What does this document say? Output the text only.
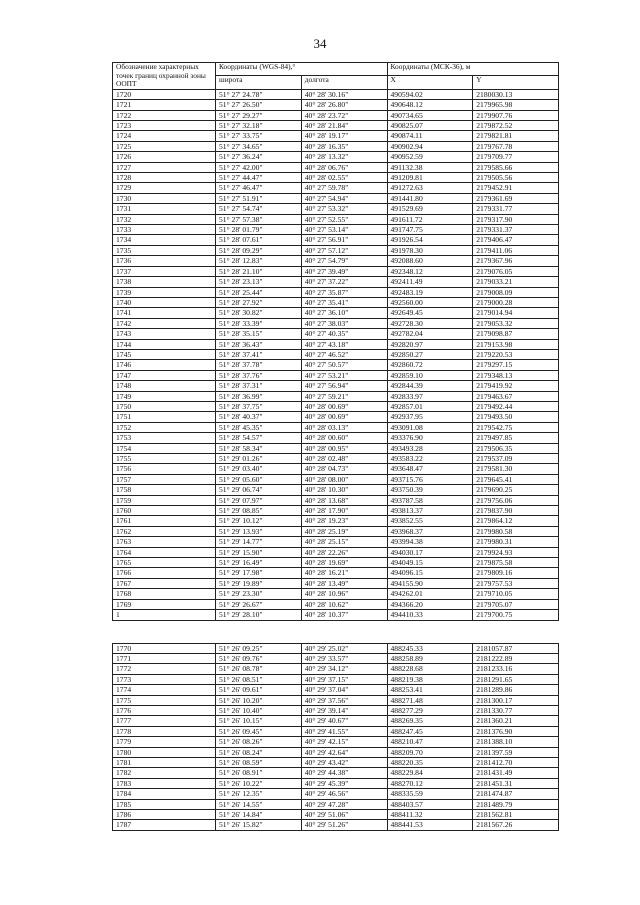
34
Обозначение характерных точек границ охранной зоны ООПТ	Координаты (WGS-84),°		Координаты (МСК-36), м	
	широта	долгота	X	Y
1720	51° 27' 24.78"	40° 28' 30.16"	490594.02	2180030.13
1721	51° 27' 26.50"	40° 28' 26.80"	490648.12	2179965.98
1722	51° 27' 29.27"	40° 28' 23.72"	490734.65	2179907.76
1723	51° 27' 32.18"	40° 28' 21.84"	490825.07	2179872.52
1724	51° 27' 33.75"	40° 28' 19.17"	490874.11	2179821.81
1725	51° 27' 34.65"	40° 28' 16.35"	490902.94	2179767.78
1726	51° 27' 36.24"	40° 28' 13.32"	490952.59	2179709.77
1727	51° 27' 42.00"	40° 28' 06.76"	491132.38	2179585.66
1728	51° 27' 44.47"	40° 28' 02.55"	491209.81	2179505.56
1729	51° 27' 46.47"	40° 27' 59.78"	491272.63	2179452.91
1730	51° 27' 51.91"	40° 27' 54.94"	491441.80	2179361.69
1731	51° 27' 54.74"	40° 27' 53.32"	491529.69	2179331.77
1732	51° 27' 57.38"	40° 27' 52.55"	491611.72	2179317.90
1733	51° 28' 01.79"	40° 27' 53.14"	491747.75	2179331.37
1734	51° 28' 07.61"	40° 27' 56.91"	491926.54	2179406.47
1735	51° 28' 09.29"	40° 27' 57.12"	491978.30	2179411.06
1736	51° 28' 12.83"	40° 27' 54.79"	492088.60	2179367.96
1737	51° 28' 21.10"	40° 27' 39.49"	492348.12	2179076.05
1738	51° 28' 23.13"	40° 27' 37.22"	492411.49	2179033.21
1739	51° 28' 25.44"	40° 27' 35.87"	492483.19	2179008.09
1740	51° 28' 27.92"	40° 27' 35.41"	492560.00	2179000.28
1741	51° 28' 30.82"	40° 27' 36.10"	492649.45	2179014.94
1742	51° 28' 33.39"	40° 27' 38.03"	492728.30	2179053.32
1743	51° 28' 35.15"	40° 27' 40.35"	492782.04	2179098.87
1744	51° 28' 36.43"	40° 27' 43.18"	492820.97	2179153.98
1745	51° 28' 37.41"	40° 27' 46.52"	492850.27	2179220.53
1746	51° 28' 37.78"	40° 27' 50.57"	492860.72	2179297.15
1747	51° 28' 37.76"	40° 27' 53.21"	492859.10	2179348.13
1748	51° 28' 37.31"	40° 27' 56.94"	492844.39	2179419.92
1749	51° 28' 36.99"	40° 27' 59.21"	492833.97	2179463.67
1750	51° 28' 37.75"	40° 28' 00.69"	492857.01	2179492.44
1751	51° 28' 40.37"	40° 28' 00.69"	492937.95	2179493.50
1752	51° 28' 45.35"	40° 28' 03.13"	493091.08	2179542.75
1753	51° 28' 54.57"	40° 28' 00.60"	493376.90	2179497.85
1754	51° 28' 58.34"	40° 28' 00.95"	493493.28	2179506.35
1755	51° 29' 01.26"	40° 28' 02.48"	493583.22	2179537.09
1756	51° 29' 03.40"	40° 28' 04.73"	493648.47	2179581.30
1757	51° 29' 05.60"	40° 28' 08.00"	493715.76	2179645.41
1758	51° 29' 06.74"	40° 28' 10.30"	493750.39	2179690.25
1759	51° 29' 07.97"	40° 28' 13.68"	493787.58	2179756.06
1760	51° 29' 08.85"	40° 28' 17.90"	493813.37	2179837.90
1761	51° 29' 10.12"	40° 28' 19.23"	493852.55	2179864.12
1762	51° 29' 13.93"	40° 28' 25.19"	493968.37	2179980.58
1763	51° 29' 14.77"	40° 28' 25.15"	493994.38	2179980.31
1764	51° 29' 15.90"	40° 28' 22.26"	494030.17	2179924.93
1765	51° 29' 16.49"	40° 28' 19.69"	494049.15	2179875.58
1766	51° 29' 17.98"	40° 28' 16.21"	494096.15	2179809.16
1767	51° 29' 19.89"	40° 28' 13.49"	494155.90	2179757.53
1768	51° 29' 23.30"	40° 28' 10.96"	494262.01	2179710.05
1769	51° 29' 26.67"	40° 28' 10.62"	494366.20	2179705.07
1	51° 29' 28.10"	40° 28' 10.37"	494410.33	2179700.75

1770	51° 26' 09.25"	40° 29' 25.02"	488245.33	2181057.87
1771	51° 26' 09.76"	40° 29' 33.57"	488258.89	2181222.89
1772	51° 26' 08.78"	40° 29' 34.12"	488228.68	2181233.16
1773	51° 26' 08.51"	40° 29' 37.15"	488219.38	2181291.65
1774	51° 26' 09.61"	40° 29' 37.04"	488253.41	2181289.86
1775	51° 26' 10.20"	40° 29' 37.56"	488271.48	2181300.17
1776	51° 26' 10.40"	40° 29' 39.14"	488277.29	2181330.77
1777	51° 26' 10.15"	40° 29' 40.67"	488269.35	2181360.21
1778	51° 26' 09.45"	40° 29' 41.55"	488247.45	2181376.90
1779	51° 26' 08.26"	40° 29' 42.15"	488210.47	2181388.10
1780	51° 26' 08.24"	40° 29' 42.64"	488209.70	2181397.59
1781	51° 26' 08.59"	40° 29' 43.42"	488220.35	2181412.70
1782	51° 26' 08.91"	40° 29' 44.38"	488229.84	2181431.49
1783	51° 26' 10.22"	40° 29' 45.39"	488270.12	2181451.31
1784	51° 26' 12.35"	40° 29' 46.56"	488335.59	2181474.87
1785	51° 26' 14.55"	40° 29' 47.28"	488403.57	2181489.79
1786	51° 26' 14.84"	40° 29' 51.06"	488411.32	2181562.81
1787	51° 26' 15.82"	40° 29' 51.26"	488441.53	2181567.26
